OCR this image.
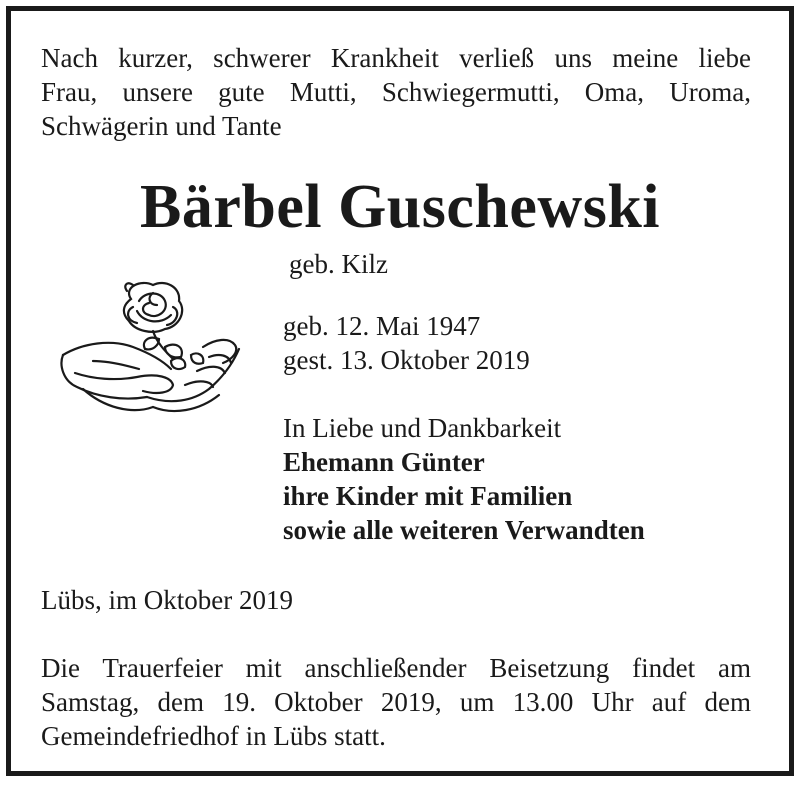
Nach kurzer, schwerer Krankheit verließ uns meine liebe
Frau, unsere gute Mutti, Schwiegermutti, Oma, Uroma,
Schwägerin und Tante
Bärbel Guschewski
geb. Kilz
geb. 12. Mai 1947
gest. 13. Oktober 2019
In Liebe und Dankbarkeit
Ehemann Günter
ihre Kinder mit Familien
sowie alle weiteren Verwandten
Lübs, im Oktober 2019
Die Trauerfeier mit anschließender Beisetzung findet am
Samstag, dem 19. Oktober 2019, um 13.00 Uhr auf dem
Gemeindefriedhof in Lübs statt.
